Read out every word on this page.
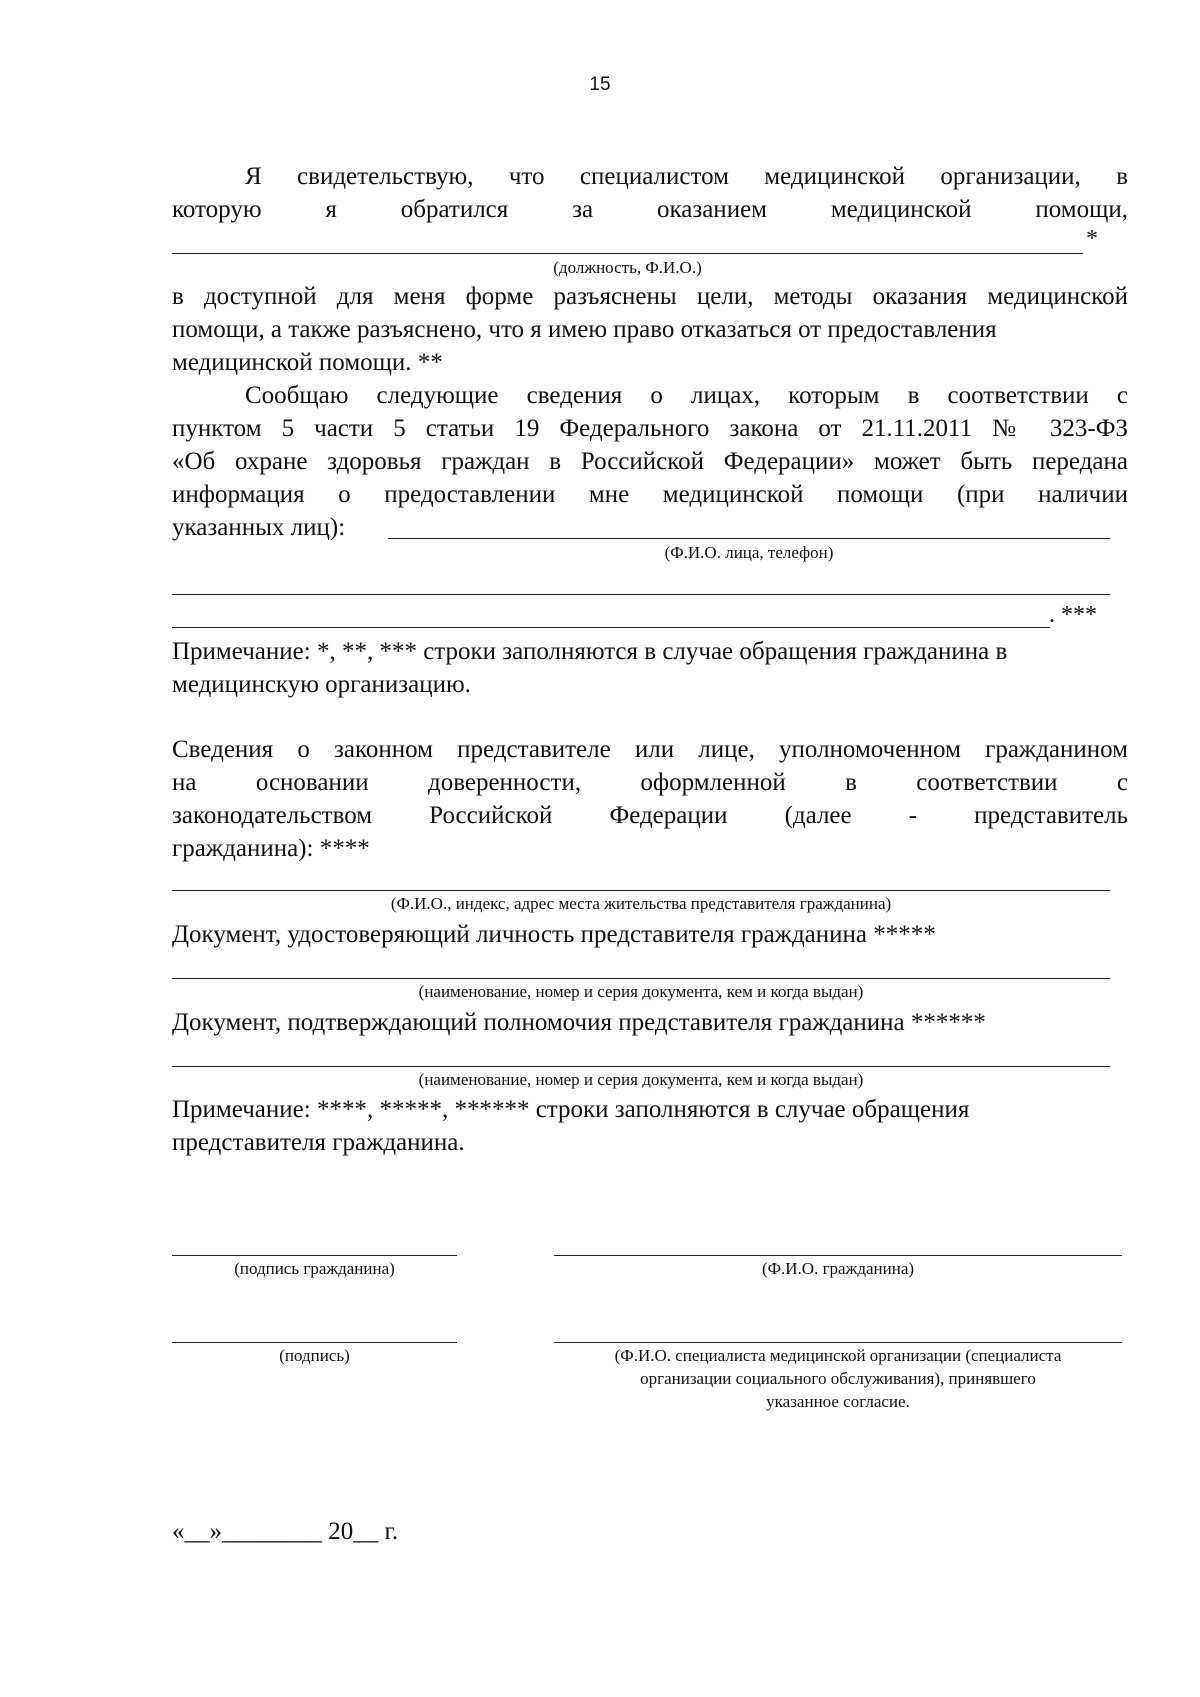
15
Я свидетельствую, что специалистом медицинской организации, в
которую я обратился за оказанием медицинской помощи,
*
(должность, Ф.И.О.)
в доступной для меня форме разъяснены цели, методы оказания медицинской
помощи, а также разъяснено, что я имею право отказаться от предоставления
медицинской помощи. **
Сообщаю следующие сведения о лицах, которым в соответствии с
пунктом 5 части 5 статьи 19 Федерального закона от 21.11.2011 № 323-ФЗ
«Об охране здоровья граждан в Российской Федерации» может быть передана
информация о предоставлении мне медицинской помощи (при наличии
указанных лиц):
(Ф.И.О. лица, телефон)
. ***
Примечание: *, **, *** строки заполняются в случае обращения гражданина в
медицинскую организацию.
Сведения о законном представителе или лице, уполномоченном гражданином
на основании доверенности, оформленной в соответствии с
законодательством Российской Федерации (далее - представитель
гражданина): ****
(Ф.И.О., индекс, адрес места жительства представителя гражданина)
Документ, удостоверяющий личность представителя гражданина *****
(наименование, номер и серия документа, кем и когда выдан)
Документ, подтверждающий полномочия представителя гражданина ******
(наименование, номер и серия документа, кем и когда выдан)
Примечание: ****, *****, ****** строки заполняются в случае обращения
представителя гражданина.
(подпись гражданина)	(Ф.И.О. гражданина)
(подпись)	(Ф.И.О. специалиста медицинской организации (специалиста
организации социального обслуживания), принявшего
указанное согласие.
«__»________ 20__ г.
